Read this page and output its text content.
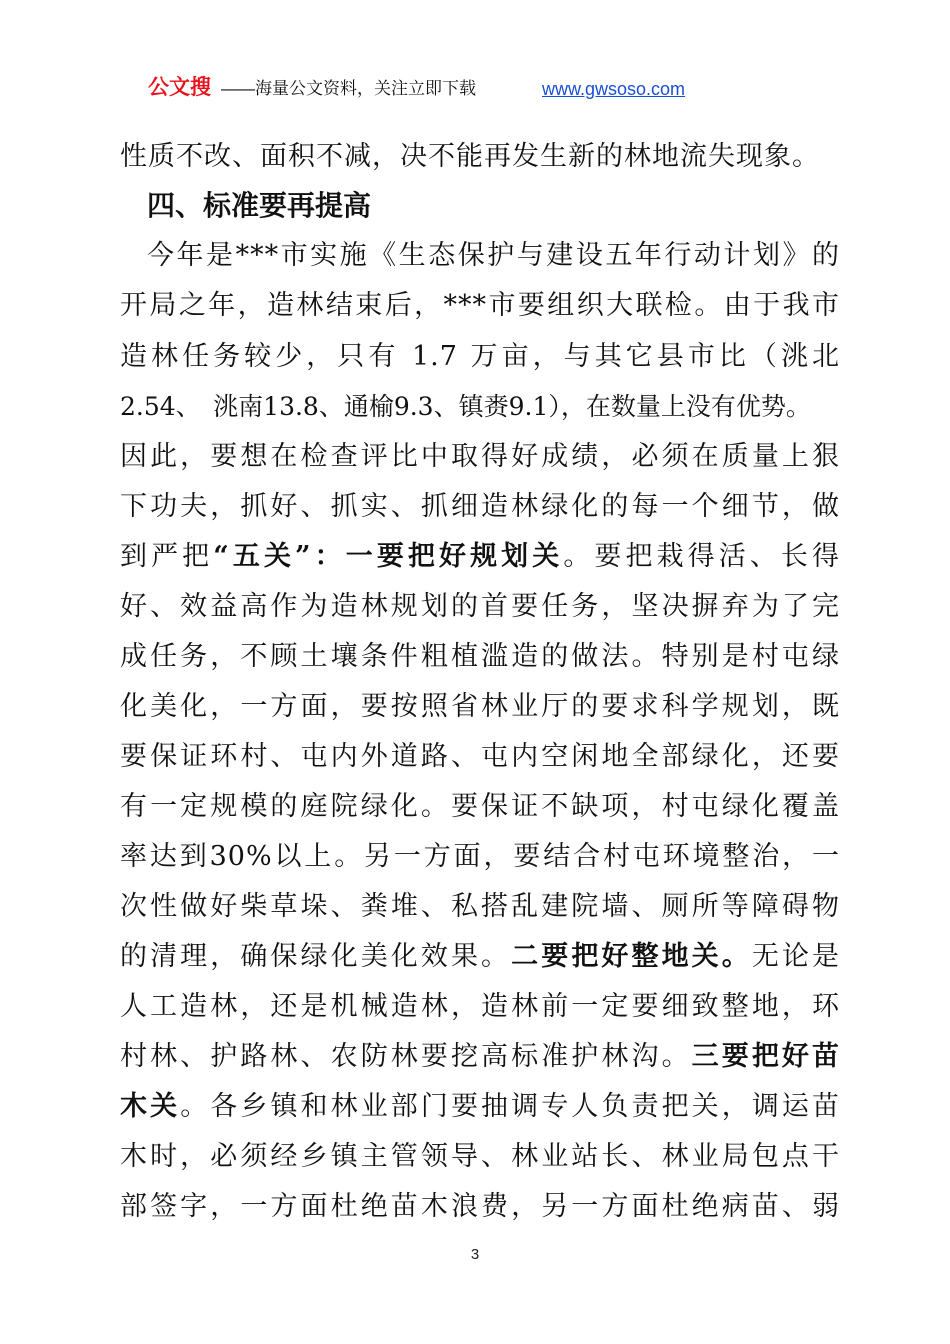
公文搜 ——海量公文资料，关注立即下载	www.gwsoso.com
性质不改、面积不减，决不能再发生新的林地流失现象。
四、标准要再提高
今年是***市实施《生态保护与建设五年行动计划》的
开局之年，造林结束后，***市要组织大联检。由于我市
造林任务较少，只有 1.7 万亩，与其它县市比（洮北
2.54、　洮南13.8、通榆9.3、镇赉9.1），在数量上没有优势。
因此，要想在检查评比中取得好成绩，必须在质量上狠
下功夫，抓好、抓实、抓细造林绿化的每一个细节，做
到严把“五关”：一要把好规划关。要把栽得活、长得
好、效益高作为造林规划的首要任务，坚决摒弃为了完
成任务，不顾土壤条件粗植滥造的做法。特别是村屯绿
化美化，一方面，要按照省林业厅的要求科学规划，既
要保证环村、屯内外道路、屯内空闲地全部绿化，还要
有一定规模的庭院绿化。要保证不缺项，村屯绿化覆盖
率达到30%以上。另一方面，要结合村屯环境整治，一
次性做好柴草垛、粪堆、私搭乱建院墙、厕所等障碍物
的清理，确保绿化美化效果。二要把好整地关。无论是
人工造林，还是机械造林，造林前一定要细致整地，环
村林、护路林、农防林要挖高标准护林沟。三要把好苗
木关。各乡镇和林业部门要抽调专人负责把关，调运苗
木时，必须经乡镇主管领导、林业站长、林业局包点干
部签字，一方面杜绝苗木浪费，另一方面杜绝病苗、弱
3
